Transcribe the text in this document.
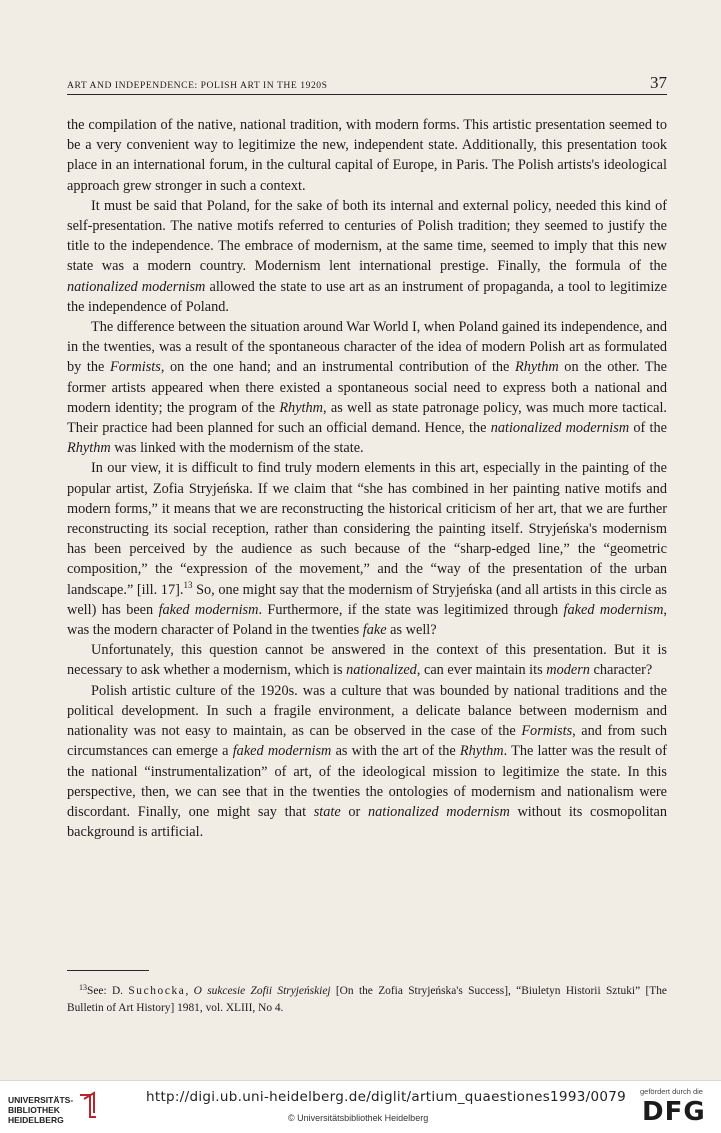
ART AND INDEPENDENCE: POLISH ART IN THE 1920S	37

the compilation of the native, national tradition, with modern forms. This artistic presentation seemed to be a very convenient way to legitimize the new, independent state. Additionally, this presentation took place in an international forum, in the cultural capital of Europe, in Paris. The Polish artists's ideological approach grew stronger in such a context.

It must be said that Poland, for the sake of both its internal and external policy, needed this kind of self-presentation. The native motifs referred to centuries of Polish tradition; they seemed to justify the title to the independence. The embrace of modernism, at the same time, seemed to imply that this new state was a modern country. Modernism lent international prestige. Finally, the formula of the nationalized modernism allowed the state to use art as an instrument of propaganda, a tool to legitimize the independence of Poland.

The difference between the situation around War World I, when Poland gained its independence, and in the twenties, was a result of the spontaneous character of the idea of modern Polish art as formulated by the Formists, on the one hand; and an instrumental contribution of the Rhythm on the other. The former artists appeared when there existed a spontaneous social need to express both a national and modern identity; the program of the Rhythm, as well as state patronage policy, was much more tactical. Their practice had been planned for such an official demand. Hence, the nationalized modernism of the Rhythm was linked with the modernism of the state.

In our view, it is difficult to find truly modern elements in this art, especially in the painting of the popular artist, Zofia Stryjeńska. If we claim that “she has combined in her painting native motifs and modern forms,” it means that we are reconstructing the historical criticism of her art, that we are further reconstructing its social reception, rather than considering the painting itself. Stryjeńska's modernism has been perceived by the audience as such because of the “sharp-edged line,” the “geometric composition,” the “expression of the movement,” and the “way of the presentation of the urban landscape.” [ill. 17].$^{13}$ So, one might say that the modernism of Stryjeńska (and all artists in this circle as well) has been faked modernism. Furthermore, if the state was legitimized through faked modernism, was the modern character of Poland in the twenties fake as well?

Unfortunately, this question cannot be answered in the context of this presentation. But it is necessary to ask whether a modernism, which is nationalized, can ever maintain its modern character?

Polish artistic culture of the 1920s. was a culture that was bounded by national traditions and the political development. In such a fragile environment, a delicate balance between modernism and nationality was not easy to maintain, as can be observed in the case of the Formists, and from such circumstances can emerge a faked modernism as with the art of the Rhythm. The latter was the result of the national “instrumentalization” of art, of the ideological mission to legitimize the state. In this perspective, then, we can see that in the twenties the ontologies of modernism and nationalism were discordant. Finally, one might say that state or nationalized modernism without its cosmopolitan background is artificial.

$^{13}$See: D. Suchocka, O sukcesie Zofii Stryjeńskiej [On the Zofia Stryjeńska's Success], “Biuletyn Historii Sztuki” [The Bulletin of Art History] 1981, vol. XLIII, No 4.

UNIVERSITÄTS-
BIBLIOTHEK
HEIDELBERG
http://digi.ub.uni-heidelberg.de/diglit/artium_quaestiones1993/0079
© Universitätsbibliothek Heidelberg
gefördert durch die
DFG
